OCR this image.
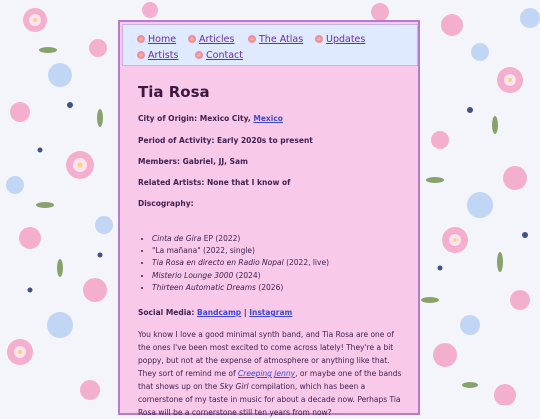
Home	Articles	The Atlas	Updates
Artists	Contact
Tia Rosa
City of Origin: Mexico City, Mexico
Period of Activity: Early 2020s to present
Members: Gabriel, JJ, Sam
Related Artists: None that I know of
Discography:
• Cinta de Gira EP (2022)
• "La mañana" (2022, single)
• Tia Rosa en directo en Radio Nopal (2022, live)
• Misterio Lounge 3000 (2024)
• Thirteen Automatic Dreams (2026)
Social Media: Bandcamp | Instagram
You know I love a good minimal synth band, and Tia Rosa are one of the ones I've been most excited to come across lately! They're a bit poppy, but not at the expense of atmosphere or anything like that. They sort of remind me of Creeping Jenny, or maybe one of the bands that shows up on the Sky Girl compilation, which has been a cornerstone of my taste in music for about a decade now. Perhaps Tia Rosa will be a cornerstone still ten years from now?
